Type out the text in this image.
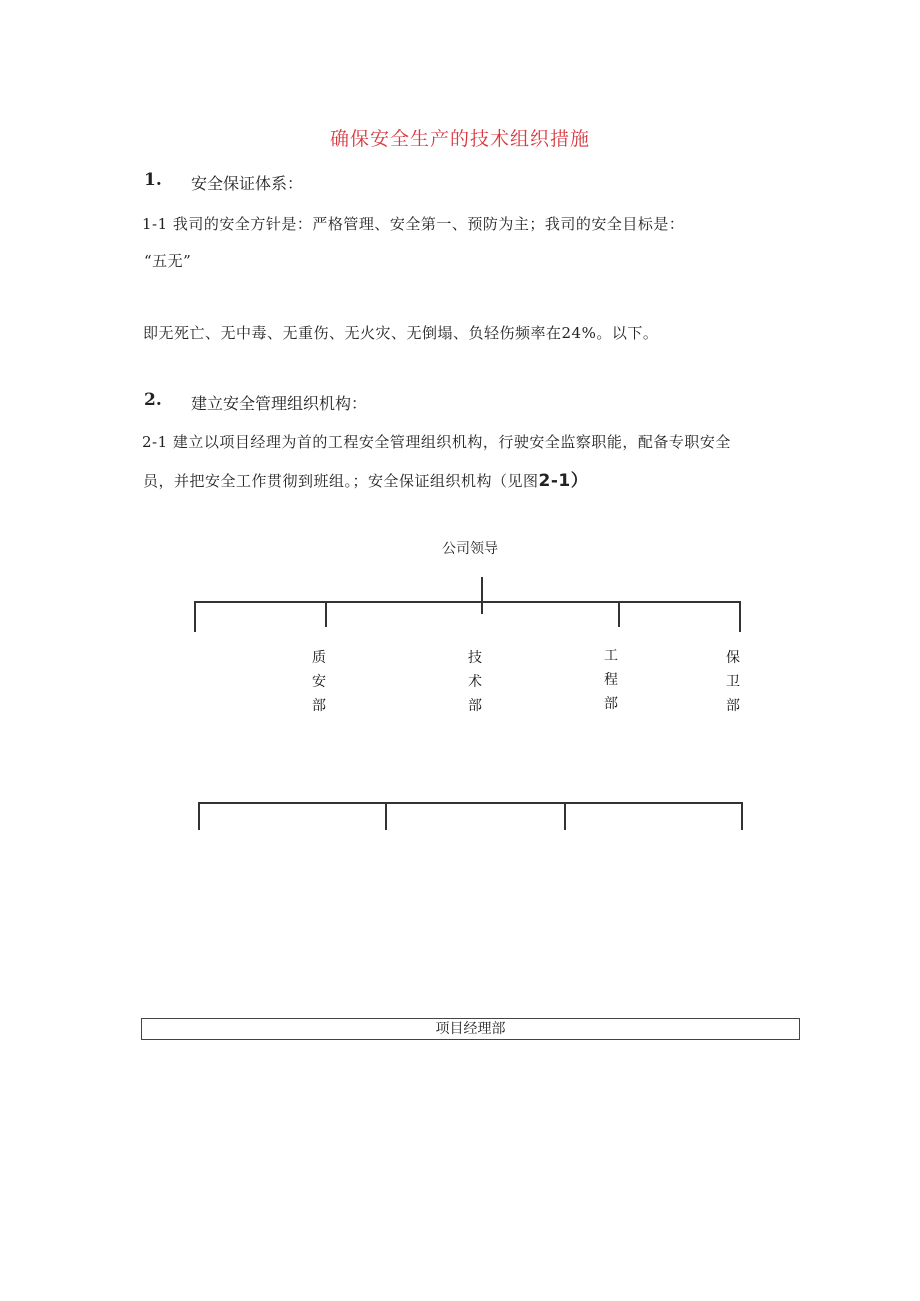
确保安全生产的技术组织措施
1. 安全保证体系：
1-1 我司的安全方针是：严格管理、安全第一、预防为主；我司的安全目标是：
“五无”
即无死亡、无中毒、无重伤、无火灾、无倒塌、负轻伤频率在24%。以下。
2. 建立安全管理组织机构：
2-1 建立以项目经理为首的工程安全管理组织机构，行驶安全监察职能，配备专职安全
员，并把安全工作贯彻到班组。；安全保证组织机构（见图2-1）
公司领导
质
安
部
技
术
部
工
程
部
保
卫
部
项目经理部
